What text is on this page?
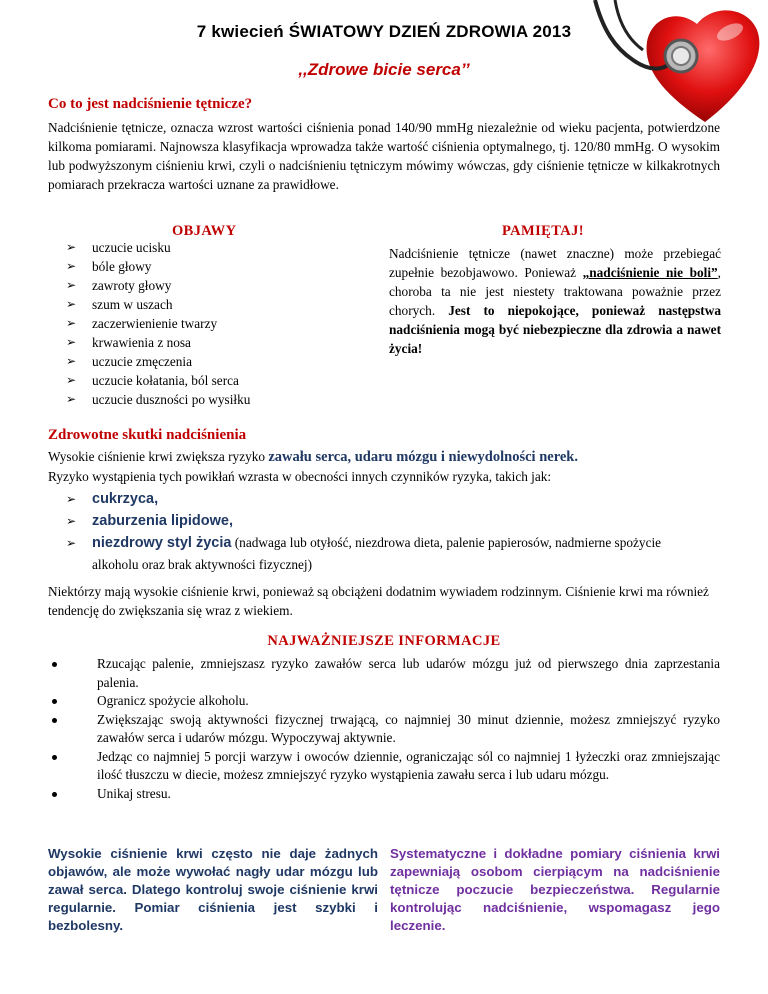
7 kwiecień ŚWIATOWY DZIEŃ ZDROWIA 2013
,,Zdrowe bicie serca’’
Co to jest nadciśnienie tętnicze?
Nadciśnienie tętnicze, oznacza wzrost wartości ciśnienia ponad 140/90 mmHg niezależnie od wieku pacjenta, potwierdzone kilkoma pomiarami. Najnowsza klasyfikacja wprowadza także wartość ciśnienia optymalnego, tj. 120/80 mmHg. O wysokim lub podwyższonym ciśnieniu krwi, czyli o nadciśnieniu tętniczym mówimy wówczas, gdy ciśnienie tętnicze w kilkakrotnych pomiarach przekracza wartości uznane za prawidłowe.
OBJAWY
➢ uczucie ucisku
➢ bóle głowy
➢ zawroty głowy
➢ szum w uszach
➢ zaczerwienienie twarzy
➢ krwawienia z nosa
➢ uczucie zmęczenia
➢ uczucie kołatania, ból serca
➢ uczucie duszności po wysiłku
PAMIĘTAJ!
Nadciśnienie tętnicze (nawet znaczne) może przebiegać zupełnie bezobjawowo. Ponieważ „nadciśnienie nie boli”, choroba ta nie jest niestety traktowana poważnie przez chorych. Jest to niepokojące, ponieważ następstwa nadciśnienia mogą być niebezpieczne dla zdrowia a nawet życia!
Zdrowotne skutki nadciśnienia
Wysokie ciśnienie krwi zwiększa ryzyko zawału serca, udaru mózgu i niewydolności nerek.
Ryzyko wystąpienia tych powikłań wzrasta w obecności innych czynników ryzyka, takich jak:
➢ cukrzyca,
➢ zaburzenia lipidowe,
➢ niezdrowy styl życia (nadwaga lub otyłość, niezdrowa dieta, palenie papierosów, nadmierne spożycie alkoholu oraz brak aktywności fizycznej)
Niektórzy mają wysokie ciśnienie krwi, ponieważ są obciążeni dodatnim wywiadem rodzinnym. Ciśnienie krwi ma również tendencję do zwiększania się wraz z wiekiem.
NAJWAŻNIEJSZE INFORMACJE
Rzucając palenie, zmniejszasz ryzyko zawałów serca lub udarów mózgu już od pierwszego dnia zaprzestania palenia.
Ogranicz spożycie alkoholu.
Zwiększając swoją aktywności fizycznej trwającą, co najmniej 30 minut dziennie, możesz zmniejszyć ryzyko zawałów serca i udarów mózgu. Wypoczywaj aktywnie.
Jedząc co najmniej 5 porcji warzyw i owoców dziennie, ograniczając sól co najmniej 1 łyżeczki oraz zmniejszając ilość tłuszczu w diecie, możesz zmniejszyć ryzyko wystąpienia zawału serca i lub udaru mózgu.
Unikaj stresu.
Wysokie ciśnienie krwi często nie daje żadnych objawów, ale może wywołać nagły udar mózgu lub zawał serca. Dlatego kontroluj swoje ciśnienie krwi regularnie. Pomiar ciśnienia jest szybki i bezbolesny.
Systematyczne i dokładne pomiary ciśnienia krwi zapewniają osobom cierpiącym na nadciśnienie tętnicze poczucie bezpieczeństwa. Regularnie kontrolując nadciśnienie, wspomagasz jego leczenie.
